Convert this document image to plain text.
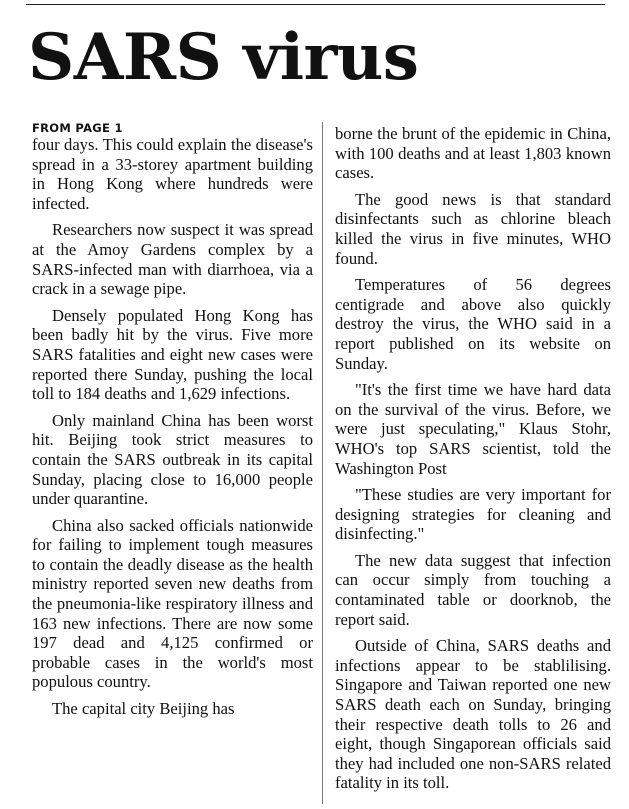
SARS virus
FROM PAGE 1

four days. This could explain the disease's spread in a 33-storey apartment building in Hong Kong where hundreds were infected.

Researchers now suspect it was spread at the Amoy Gardens complex by a SARS-infected man with diarrhoea, via a crack in a sewage pipe.

Densely populated Hong Kong has been badly hit by the virus. Five more SARS fatalities and eight new cases were reported there Sunday, pushing the local toll to 184 deaths and 1,629 infections.

Only mainland China has been worst hit. Beijing took strict measures to contain the SARS outbreak in its capital Sunday, placing close to 16,000 people under quarantine.

China also sacked officials nationwide for failing to implement tough measures to contain the deadly disease as the health ministry reported seven new deaths from the pneumonia-like respiratory illness and 163 new infections. There are now some 197 dead and 4,125 confirmed or probable cases in the world's most populous country.

The capital city Beijing has

borne the brunt of the epidemic in China, with 100 deaths and at least 1,803 known cases.

The good news is that standard disinfectants such as chlorine bleach killed the virus in five minutes, WHO found.

Temperatures of 56 degrees centigrade and above also quickly destroy the virus, the WHO said in a report published on its website on Sunday.

"It's the first time we have hard data on the survival of the virus. Before, we were just speculating," Klaus Stohr, WHO's top SARS scientist, told the Washington Post

"These studies are very important for designing strategies for cleaning and disinfecting."

The new data suggest that infection can occur simply from touching a contaminated table or doorknob, the report said.

Outside of China, SARS deaths and infections appear to be stablilising. Singapore and Taiwan reported one new SARS death each on Sunday, bringing their respective death tolls to 26 and eight, though Singaporean officials said they had included one non-SARS related fatality in its toll.
